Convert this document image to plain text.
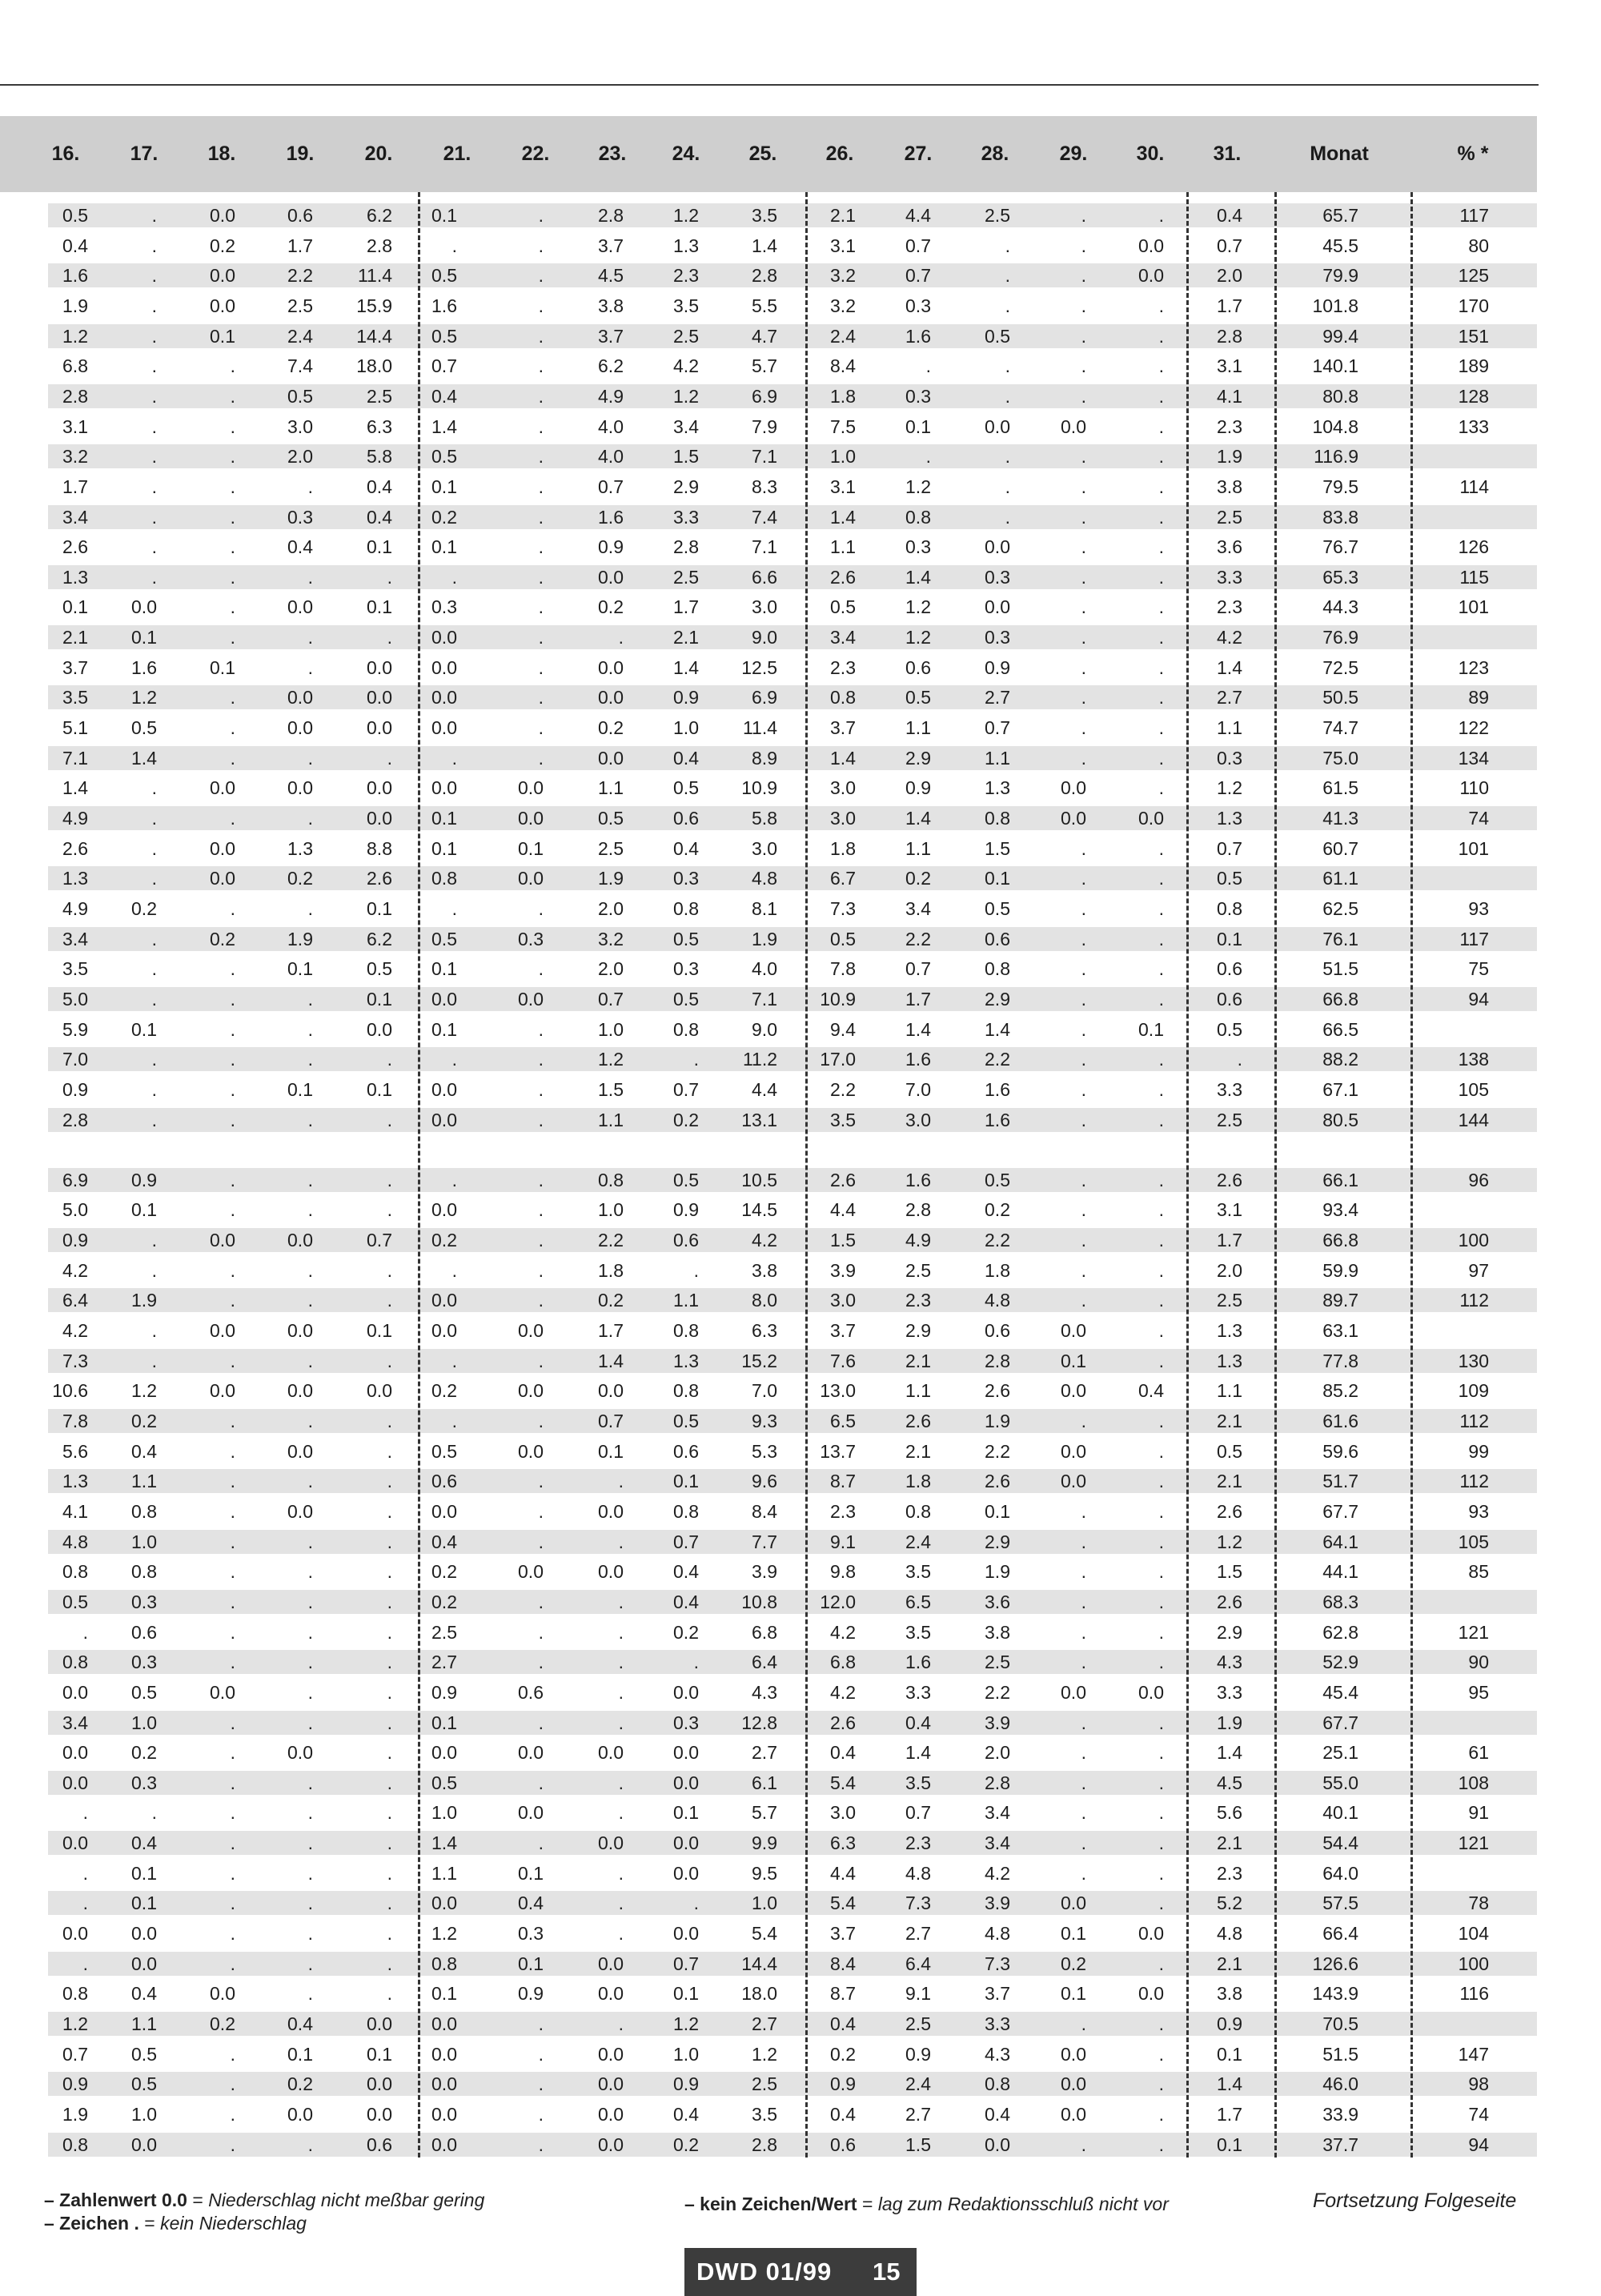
16.	17.	18.	19.	20.	21.	22.	23.	24.	25.	26.	27.	28.	29.	30.	31.	Monat	% *
0.5	.	0.0	0.6	6.2	0.1	.	2.8	1.2	3.5	2.1	4.4	2.5	.	.	0.4	65.7	117
0.4	.	0.2	1.7	2.8	.	.	3.7	1.3	1.4	3.1	0.7	.	.	0.0	0.7	45.5	80
1.6	.	0.0	2.2	11.4	0.5	.	4.5	2.3	2.8	3.2	0.7	.	.	0.0	2.0	79.9	125
1.9	.	0.0	2.5	15.9	1.6	.	3.8	3.5	5.5	3.2	0.3	.	.	.	1.7	101.8	170
1.2	.	0.1	2.4	14.4	0.5	.	3.7	2.5	4.7	2.4	1.6	0.5	.	.	2.8	99.4	151
6.8	.	.	7.4	18.0	0.7	.	6.2	4.2	5.7	8.4	.	.	.	.	3.1	140.1	189
2.8	.	.	0.5	2.5	0.4	.	4.9	1.2	6.9	1.8	0.3	.	.	.	4.1	80.8	128
3.1	.	.	3.0	6.3	1.4	.	4.0	3.4	7.9	7.5	0.1	0.0	0.0	.	2.3	104.8	133
3.2	.	.	2.0	5.8	0.5	.	4.0	1.5	7.1	1.0	.	.	.	.	1.9	116.9
1.7	.	.	.	0.4	0.1	.	0.7	2.9	8.3	3.1	1.2	.	.	.	3.8	79.5	114
3.4	.	.	0.3	0.4	0.2	.	1.6	3.3	7.4	1.4	0.8	.	.	.	2.5	83.8
2.6	.	.	0.4	0.1	0.1	.	0.9	2.8	7.1	1.1	0.3	0.0	.	.	3.6	76.7	126
1.3	.	.	.	.	.	.	0.0	2.5	6.6	2.6	1.4	0.3	.	.	3.3	65.3	115
0.1	0.0	.	0.0	0.1	0.3	.	0.2	1.7	3.0	0.5	1.2	0.0	.	.	2.3	44.3	101
2.1	0.1	.	.	.	0.0	.	.	2.1	9.0	3.4	1.2	0.3	.	.	4.2	76.9
3.7	1.6	0.1	.	0.0	0.0	.	0.0	1.4	12.5	2.3	0.6	0.9	.	.	1.4	72.5	123
3.5	1.2	.	0.0	0.0	0.0	.	0.0	0.9	6.9	0.8	0.5	2.7	.	.	2.7	50.5	89
5.1	0.5	.	0.0	0.0	0.0	.	0.2	1.0	11.4	3.7	1.1	0.7	.	.	1.1	74.7	122
7.1	1.4	.	.	.	.	.	0.0	0.4	8.9	1.4	2.9	1.1	.	.	0.3	75.0	134
1.4	.	0.0	0.0	0.0	0.0	0.0	1.1	0.5	10.9	3.0	0.9	1.3	0.0	.	1.2	61.5	110
4.9	.	.	.	0.0	0.1	0.0	0.5	0.6	5.8	3.0	1.4	0.8	0.0	0.0	1.3	41.3	74
2.6	.	0.0	1.3	8.8	0.1	0.1	2.5	0.4	3.0	1.8	1.1	1.5	.	.	0.7	60.7	101
1.3	.	0.0	0.2	2.6	0.8	0.0	1.9	0.3	4.8	6.7	0.2	0.1	.	.	0.5	61.1
4.9	0.2	.	.	0.1	.	.	2.0	0.8	8.1	7.3	3.4	0.5	.	.	0.8	62.5	93
3.4	.	0.2	1.9	6.2	0.5	0.3	3.2	0.5	1.9	0.5	2.2	0.6	.	.	0.1	76.1	117
3.5	.	.	0.1	0.5	0.1	.	2.0	0.3	4.0	7.8	0.7	0.8	.	.	0.6	51.5	75
5.0	.	.	.	0.1	0.0	0.0	0.7	0.5	7.1	10.9	1.7	2.9	.	.	0.6	66.8	94
5.9	0.1	.	.	0.0	0.1	.	1.0	0.8	9.0	9.4	1.4	1.4	.	0.1	0.5	66.5
7.0	.	.	.	.	.	.	1.2	.	11.2	17.0	1.6	2.2	.	.	.	88.2	138
0.9	.	.	0.1	0.1	0.0	.	1.5	0.7	4.4	2.2	7.0	1.6	.	.	3.3	67.1	105
2.8	.	.	.	.	0.0	.	1.1	0.2	13.1	3.5	3.0	1.6	.	.	2.5	80.5	144
6.9	0.9	.	.	.	.	.	0.8	0.5	10.5	2.6	1.6	0.5	.	.	2.6	66.1	96
5.0	0.1	.	.	.	0.0	.	1.0	0.9	14.5	4.4	2.8	0.2	.	.	3.1	93.4
0.9	.	0.0	0.0	0.7	0.2	.	2.2	0.6	4.2	1.5	4.9	2.2	.	.	1.7	66.8	100
4.2	.	.	.	.	.	.	1.8	.	3.8	3.9	2.5	1.8	.	.	2.0	59.9	97
6.4	1.9	.	.	.	0.0	.	0.2	1.1	8.0	3.0	2.3	4.8	.	.	2.5	89.7	112
4.2	.	0.0	0.0	0.1	0.0	0.0	1.7	0.8	6.3	3.7	2.9	0.6	0.0	.	1.3	63.1
7.3	.	.	.	.	.	.	1.4	1.3	15.2	7.6	2.1	2.8	0.1	.	1.3	77.8	130
10.6	1.2	0.0	0.0	0.0	0.2	0.0	0.0	0.8	7.0	13.0	1.1	2.6	0.0	0.4	1.1	85.2	109
7.8	0.2	.	.	.	.	.	0.7	0.5	9.3	6.5	2.6	1.9	.	.	2.1	61.6	112
5.6	0.4	.	0.0	.	0.5	0.0	0.1	0.6	5.3	13.7	2.1	2.2	0.0	.	0.5	59.6	99
1.3	1.1	.	.	.	0.6	.	.	0.1	9.6	8.7	1.8	2.6	0.0	.	2.1	51.7	112
4.1	0.8	.	0.0	.	0.0	.	0.0	0.8	8.4	2.3	0.8	0.1	.	.	2.6	67.7	93
4.8	1.0	.	.	.	0.4	.	.	0.7	7.7	9.1	2.4	2.9	.	.	1.2	64.1	105
0.8	0.8	.	.	.	0.2	0.0	0.0	0.4	3.9	9.8	3.5	1.9	.	.	1.5	44.1	85
0.5	0.3	.	.	.	0.2	.	.	0.4	10.8	12.0	6.5	3.6	.	.	2.6	68.3
.	0.6	.	.	.	2.5	.	.	0.2	6.8	4.2	3.5	3.8	.	.	2.9	62.8	121
0.8	0.3	.	.	.	2.7	.	.	.	6.4	6.8	1.6	2.5	.	.	4.3	52.9	90
0.0	0.5	0.0	.	.	0.9	0.6	.	0.0	4.3	4.2	3.3	2.2	0.0	0.0	3.3	45.4	95
3.4	1.0	.	.	.	0.1	.	.	0.3	12.8	2.6	0.4	3.9	.	.	1.9	67.7
0.0	0.2	.	0.0	.	0.0	0.0	0.0	0.0	2.7	0.4	1.4	2.0	.	.	1.4	25.1	61
0.0	0.3	.	.	.	0.5	.	.	0.0	6.1	5.4	3.5	2.8	.	.	4.5	55.0	108
.	.	.	.	.	1.0	0.0	.	0.1	5.7	3.0	0.7	3.4	.	.	5.6	40.1	91
0.0	0.4	.	.	.	1.4	.	0.0	0.0	9.9	6.3	2.3	3.4	.	.	2.1	54.4	121
.	0.1	.	.	.	1.1	0.1	.	0.0	9.5	4.4	4.8	4.2	.	.	2.3	64.0
.	0.1	.	.	.	0.0	0.4	.	.	1.0	5.4	7.3	3.9	0.0	.	5.2	57.5	78
0.0	0.0	.	.	.	1.2	0.3	.	0.0	5.4	3.7	2.7	4.8	0.1	0.0	4.8	66.4	104
.	0.0	.	.	.	0.8	0.1	0.0	0.7	14.4	8.4	6.4	7.3	0.2	.	2.1	126.6	100
0.8	0.4	0.0	.	.	0.1	0.9	0.0	0.1	18.0	8.7	9.1	3.7	0.1	0.0	3.8	143.9	116
1.2	1.1	0.2	0.4	0.0	0.0	.	.	1.2	2.7	0.4	2.5	3.3	.	.	0.9	70.5
0.7	0.5	.	0.1	0.1	0.0	.	0.0	1.0	1.2	0.2	0.9	4.3	0.0	.	0.1	51.5	147
0.9	0.5	.	0.2	0.0	0.0	.	0.0	0.9	2.5	0.9	2.4	0.8	0.0	.	1.4	46.0	98
1.9	1.0	.	0.0	0.0	0.0	.	0.0	0.4	3.5	0.4	2.7	0.4	0.0	.	1.7	33.9	74
0.8	0.0	.	.	0.6	0.0	.	0.0	0.2	2.8	0.6	1.5	0.0	.	.	0.1	37.7	94
– Zahlenwert 0.0 = Niederschlag nicht meßbar gering
– Zeichen . = kein Niederschlag
– kein Zeichen/Wert = lag zum Redaktionsschluß nicht vor	Fortsetzung Folgeseite
DWD 01/99 15
